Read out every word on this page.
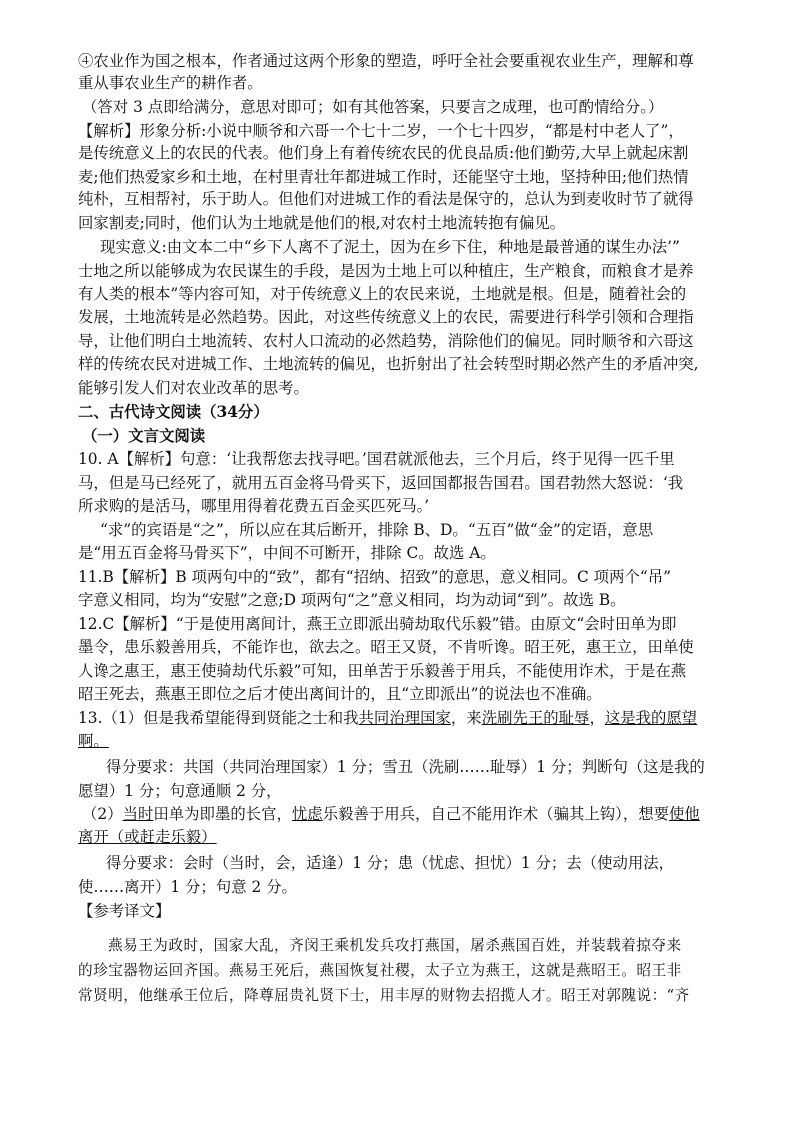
④农业作为国之根本，作者通过这两个形象的塑造，呼吁全社会要重视农业生产，理解和尊
重从事农业生产的耕作者。
（答对 3 点即给满分，意思对即可；如有其他答案，只要言之成理，也可酌情给分。）
【解析】形象分析:小说中顺爷和六哥一个七十二岁，一个七十四岁，“都是村中老人了”，
是传统意义上的农民的代表。他们身上有着传统农民的优良品质:他们勤劳,大早上就起床割
麦;他们热爱家乡和土地，在村里青壮年都进城工作时，还能坚守土地，坚持种田;他们热情
纯朴，互相帮衬，乐于助人。但他们对进城工作的看法是保守的，总认为到麦收时节了就得
回家割麦;同时，他们认为土地就是他们的根,对农村土地流转抱有偏见。
现实意义:由文本二中“乡下人离不了泥土，因为在乡下住，种地是最普通的谋生办法’”
士地之所以能够成为农民谋生的手段，是因为土地上可以种植庄，生产粮食，而粮食才是养
有人类的根本”等内容可知，对于传统意义上的农民来说，土地就是根。但是，随着社会的
发展，土地流转是必然趋势。因此，对这些传统意义上的农民，需要进行科学引领和合理指
导，让他们明白土地流转、农村人口流动的必然趋势，消除他们的偏见。同时顺爷和六哥这
样的传统农民对进城工作、土地流转的偏见，也折射出了社会转型时期必然产生的矛盾冲突,
能够引发人们对农业改革的思考。
二、古代诗文阅读（34分）
（一）文言文阅读
10. A【解析】句意：‘让我帮您去找寻吧。’国君就派他去，三个月后，终于见得一匹千里
马，但是马已经死了，就用五百金将马骨买下，返回国都报告国君。国君勃然大怒说：‘我
所求购的是活马，哪里用得着花费五百金买匹死马。’
“求”的宾语是“之”，所以应在其后断开，排除 B、D。“五百”做“金”的定语，意思
是“用五百金将马骨买下”，中间不可断开，排除 C。故选 A。
11.B【解析】B 项两句中的“致”，都有“招纳、招致”的意思，意义相同。C 项两个“吊”
字意义相同，均为“安慰”之意;D 项两句“之”意义相同，均为动词“到”。故选 B。
12.C【解析】“于是使用离间计，燕王立即派出骑劫取代乐毅”错。由原文“会时田单为即
墨令，患乐毅善用兵，不能诈也，欲去之。昭王又贤，不肯听谗。昭王死，惠王立，田单使
人谗之惠王，惠王使骑劫代乐毅”可知，田单苦于乐毅善于用兵，不能使用诈术，于是在燕
昭王死去，燕惠王即位之后才使出离间计的，且“立即派出”的说法也不准确。
13.（1）但是我希望能得到贤能之士和我共同治理国家，来洗刷先王的耻辱，这是我的愿望
啊。
得分要求：共国（共同治理国家）1 分；雪丑（洗刷……耻辱）1 分；判断句（这是我的
愿望）1 分；句意通顺 2 分，
（2）当时田单为即墨的长官，忧虑乐毅善于用兵，自己不能用诈术（骗其上钩），想要使他
离开（或赶走乐毅）
得分要求：会时（当时，会，适逢）1 分；患（忧虑、担忧）1 分；去（使动用法，
使……离开）1 分；句意 2 分。
【参考译文】
燕易王为政时，国家大乱，齐闵王乘机发兵攻打燕国，屠杀燕国百姓，并装载着掠夺来
的珍宝器物运回齐国。燕易王死后，燕国恢复社稷，太子立为燕王，这就是燕昭王。昭王非
常贤明，他继承王位后，降尊屈贵礼贤下士，用丰厚的财物去招揽人才。昭王对郭隗说：“齐
